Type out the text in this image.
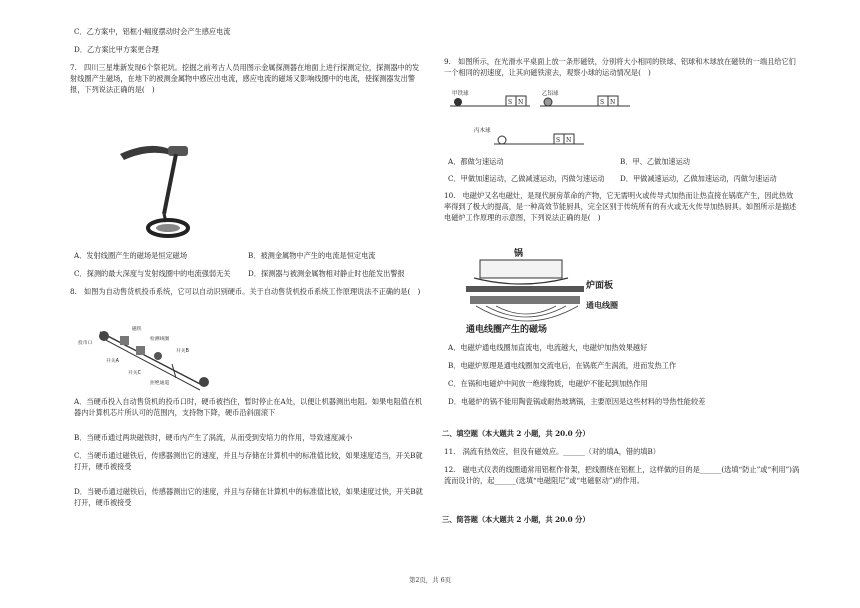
C．乙方案中，铝框小幅度摆动时会产生感应电流

D．乙方案比甲方案更合理

7.　四川三星堆新发现6个祭祀坑。挖掘之前考古人员用图示金属探测器在地面上进行探测定位，探测器中的发射线圈产生磁场，在地下的被测金属物中感应出电流，感应电流的磁场又影响线圈中的电流，使探测器发出警报，下列说法正确的是(　)

A．发射线圈产生的磁场是恒定磁场	B．被测金属物中产生的电流是恒定电流

C．探测的最大深度与发射线圈中的电流强弱无关 D．探测器与被测金属物相对静止时也能发出警报

8.　如图为自动售货机投币系统，它可以自动识别硬币。关于自动售货机投币系统工作原理说法不正确的是(　)

投币口
磁铁
检测线圈
开关A
开关C
开关B
拒绝通道

A．当硬币投入自动售货机的投币口时，硬币被挡住，暂时停止在A处，以便让机器测出电阻。如果电阻值在机器内计算机芯片所认可的范围内，支持物下降，硬币沿斜面滚下

B．当硬币通过两块磁铁时，硬币内产生了涡流，从而受到安培力的作用，导致速度减小

C．当硬币通过磁铁后，传感器测出它的速度，并且与存储在计算机中的标准值比较，如果速度适当，开关B就打开，硬币被接受

D．当硬币通过磁铁后，传感器测出它的速度，并且与存储在计算机中的标准值比较，如果速度过快，开关B就打开，硬币被接受

9.　如图所示，在光滑水平桌面上放一条形磁铁，分别将大小相同的铁球、铝球和木球放在磁铁的一端且给它们一个相同的初速度，让其向磁铁滚去，观察小球的运动情况是(　)

甲铁球	乙铝球
丙木球
S N	S N
S N

A．都做匀速运动	B．甲、乙做加速运动

C．甲做加速运动，乙做减速运动，丙做匀速运动 D．甲做减速运动，乙做加速运动，丙做匀速运动

10.　电磁炉又名电磁灶，是现代厨房革命的产物，它无需明火或传导式加热而让热直接在锅底产生，因此热效率得到了极大的提高，是一种高效节能厨具，完全区别于传统所有的有火或无火传导加热厨具。如图所示是描述电磁炉工作原理的示意图，下列说法正确的是(　)

锅
炉面板
通电线圈
通电线圈产生的磁场

A．电磁炉通电线圈加直流电，电流越大，电磁炉加热效果越好

B．电磁炉原理是通电线圈加交流电后，在锅底产生涡流，进而发热工作

C．在锅和电磁炉中间放一绝缘物质，电磁炉不能起到加热作用

D．电磁炉的锅不能用陶瓷锅或耐热玻璃锅，主要原因是这些材料的导热性能较差

二、填空题（本大题共 2 小题，共 20.0 分）

11.　涡流有热效应，但没有磁效应。______（对的填A，错的填B）

12.　磁电式仪表的线圈通常用铝框作骨架，把线圈绕在铝框上，这样做的目的是______(选填“防止”或“利用”)涡流而设计的，起______(选填“电磁阻尼”或“电磁驱动”)的作用。

三、简答题（本大题共 2 小题，共 20.0 分）

第2页，共 6页
